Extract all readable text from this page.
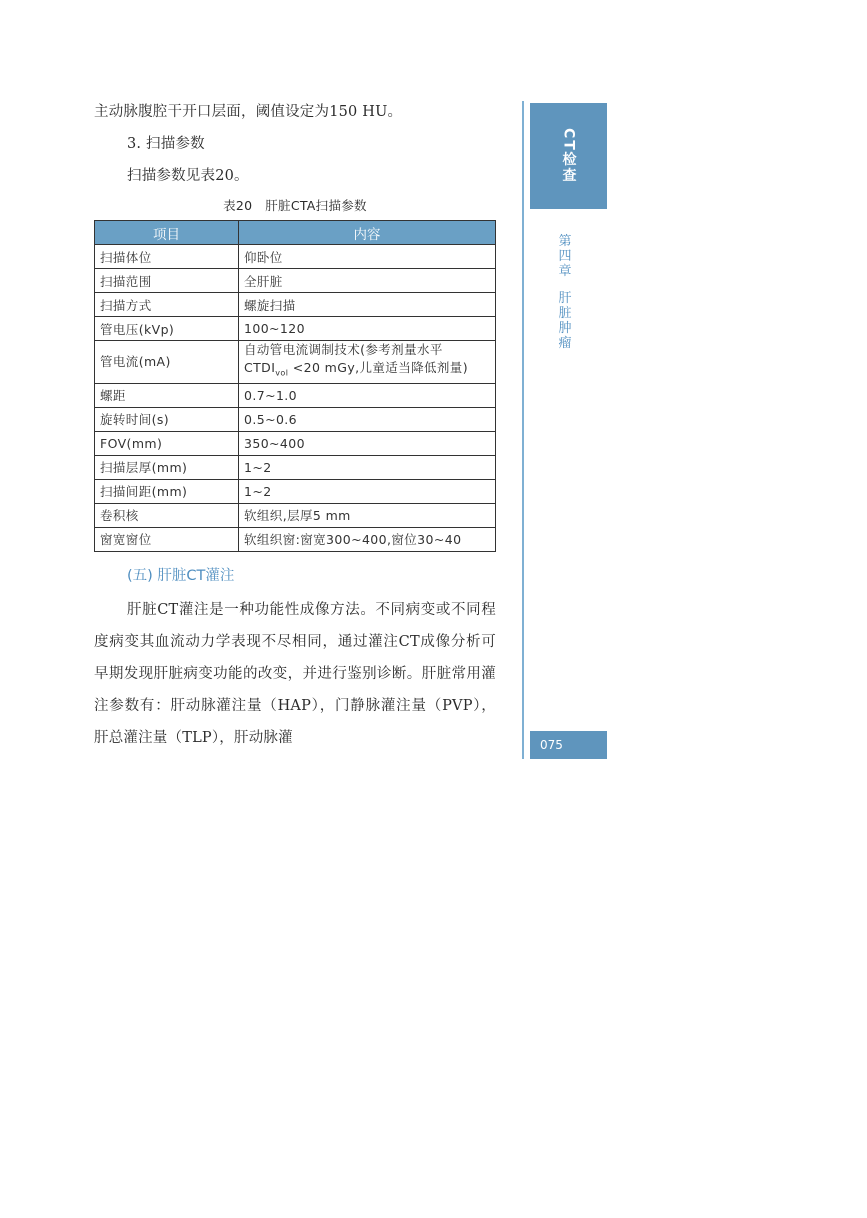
主动脉腹腔干开口层面，阈值设定为150 HU。

3. 扫描参数

扫描参数见表20。

表20　肝脏CTA扫描参数
项目	内容
扫描体位	仰卧位
扫描范围	全肝脏
扫描方式	螺旋扫描
管电压(kVp)	100~120
管电流(mA)	自动管电流调制技术(参考剂量水平
$CTDI_{vol} <20$ mGy,儿童适当降低剂量)
螺距	0.7~1.0
旋转时间(s)	0.5~0.6
FOV(mm)	350~400
扫描层厚(mm)	1~2
扫描间距(mm)	1~2
卷积核	软组织,层厚5 mm
窗宽窗位	软组织窗:窗宽300~400,窗位30~40
(五) 肝脏CT灌注

肝脏CT灌注是一种功能性成像方法。不同病变或不同程度病变其血流动力学表现不尽相同，通过灌注CT成像分析可早期发现肝脏病变功能的改变，并进行鉴别诊断。肝脏常用灌注参数有：肝动脉灌注量（HAP），门静脉灌注量（PVP），肝总灌注量（TLP），肝动脉灌

CT检查
第
四
章
肝
脏
肿
瘤
075
